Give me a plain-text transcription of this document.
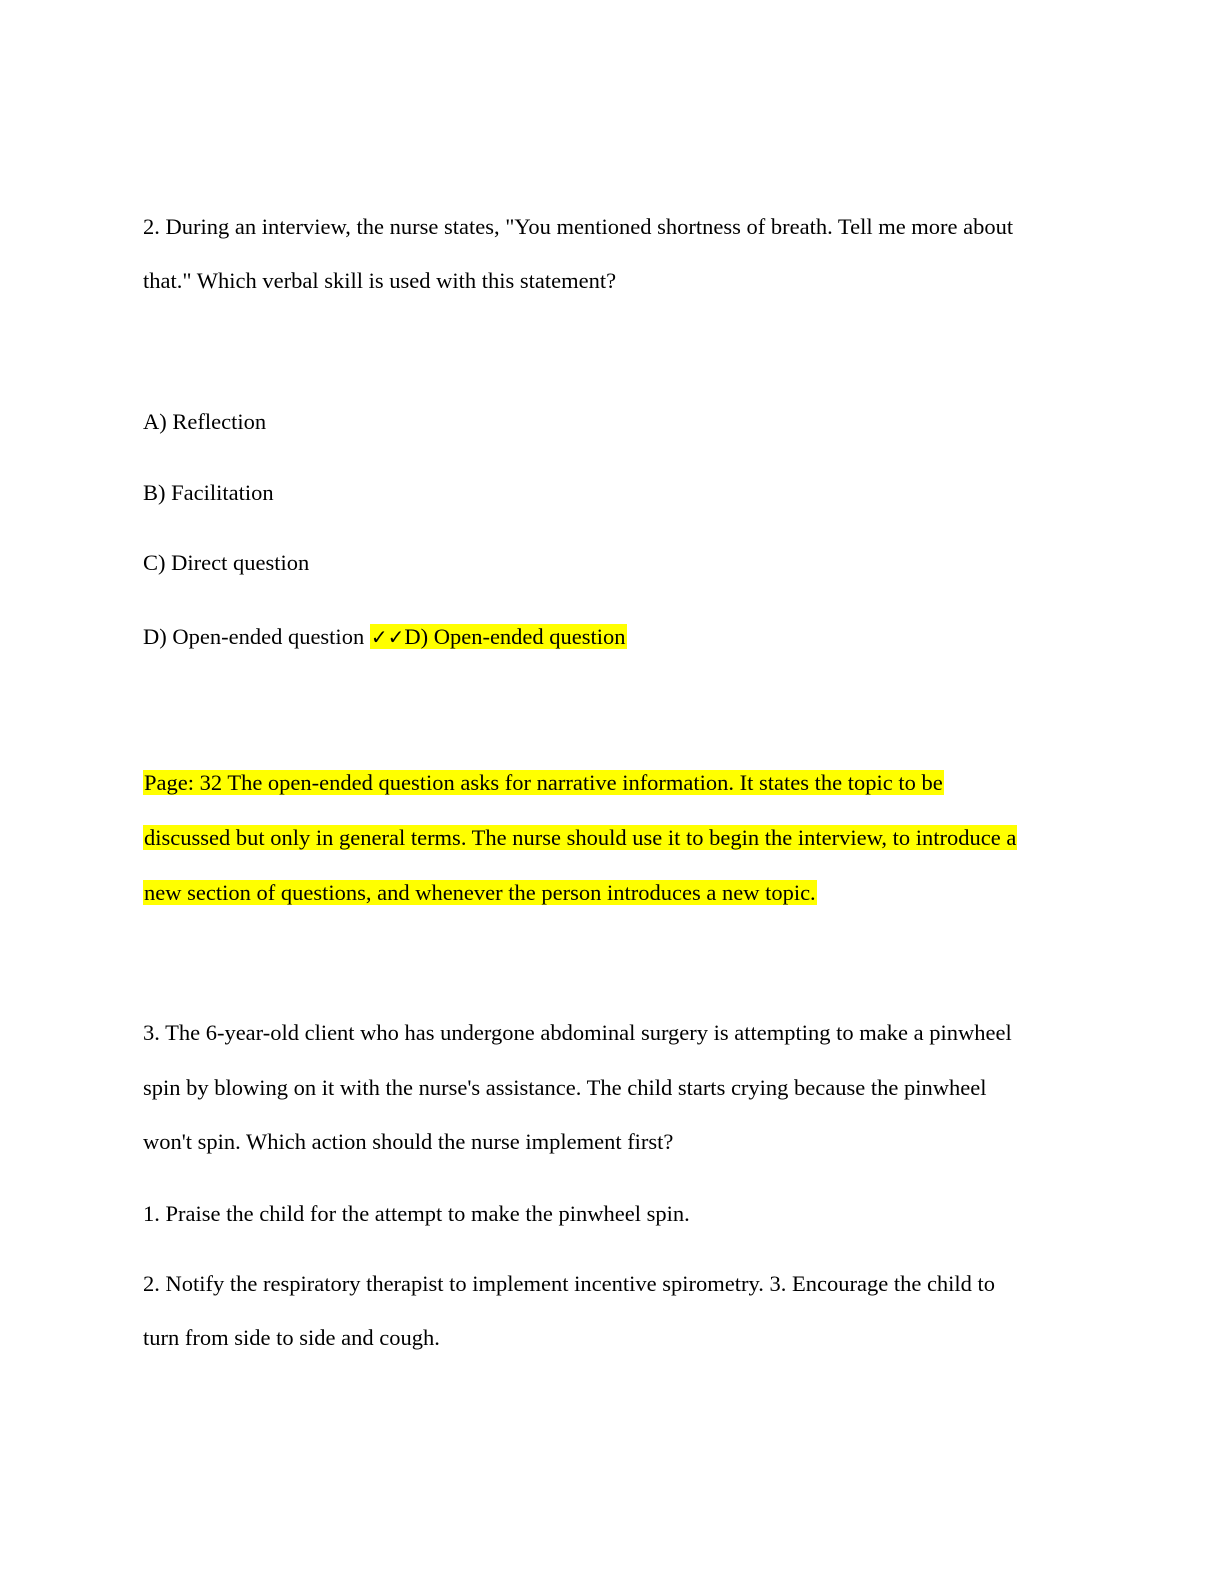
2. During an interview, the nurse states, "You mentioned shortness of breath. Tell me more about
that." Which verbal skill is used with this statement?
A) Reflection
B) Facilitation
C) Direct question
D) Open-ended question ✓✓D) Open-ended question
Page: 32 The open-ended question asks for narrative information. It states the topic to be
discussed but only in general terms. The nurse should use it to begin the interview, to introduce a
new section of questions, and whenever the person introduces a new topic.
3. The 6-year-old client who has undergone abdominal surgery is attempting to make a pinwheel
spin by blowing on it with the nurse's assistance. The child starts crying because the pinwheel
won't spin. Which action should the nurse implement first?
1. Praise the child for the attempt to make the pinwheel spin.
2. Notify the respiratory therapist to implement incentive spirometry. 3. Encourage the child to
turn from side to side and cough.
